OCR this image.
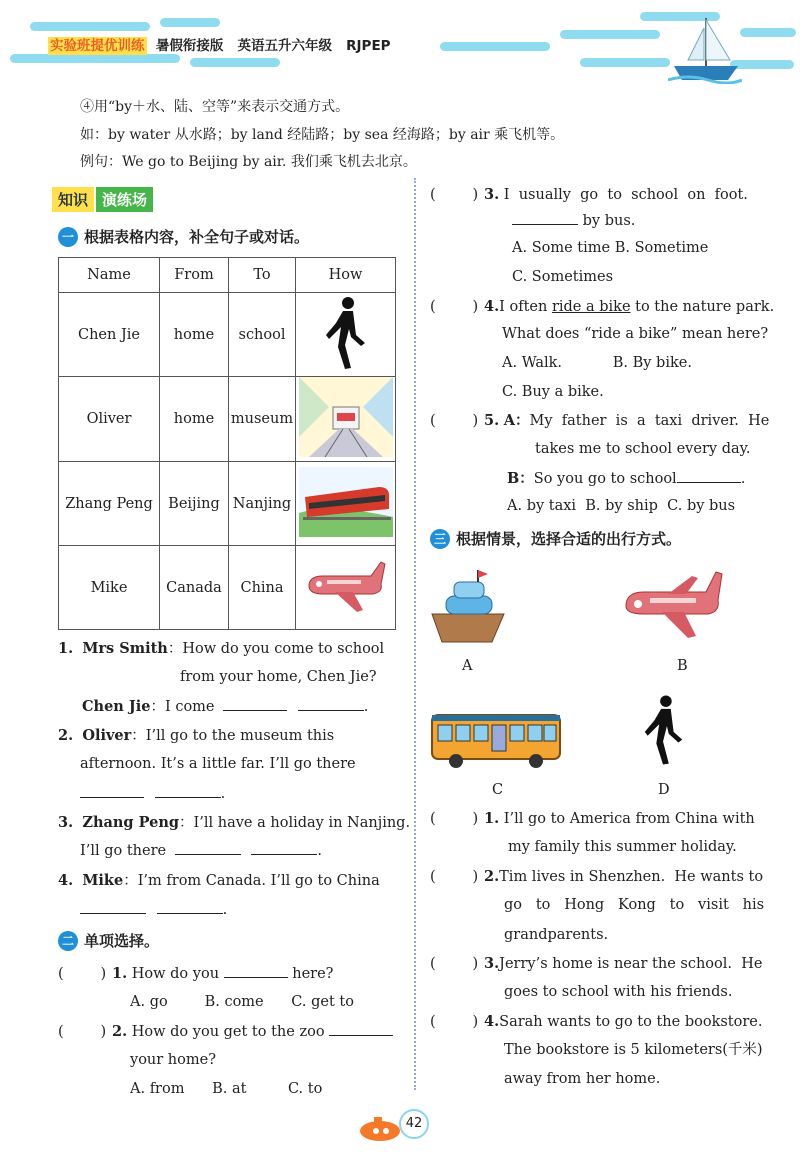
实验班提优训练 暑假衔接版 英语五升六年级 RJPEP
④用“by＋水、陆、空等”来表示交通方式。
如：by water 从水路；by land 经陆路；by sea 经海路；by air 乘飞机等。
例句：We go to Beijing by air. 我们乘飞机去北京。
知识 演练场
一 根据表格内容，补全句子或对话。
Name	From	To	How
Chen Jie	home	school	
Oliver	home	museum	
Zhang Peng	Beijing	Nanjing	
Mike	Canada	China	
1. Mrs Smith：How do you come to school
from your home, Chen Jie?
Chen Jie：I come	.
2. Oliver：I’ll go to the museum this
afternoon. It’s a little far. I’ll go there
.
3. Zhang Peng：I’ll have a holiday in Nanjing.
I’ll go there	.
4. Mike：I’m from Canada. I’ll go to China
.
二 单项选择。
(	) 1. How do you	here?
A. go        B. come      C. get to
(	) 2. How do you get to the zoo
your home?
A. from      B. at         C. to
(	) 3. I  usually  go  to  school  on  foot.
by bus.
A. Some time B. Sometime
C. Sometimes
(	) 4.I often ride a bike to the nature park.
What does “ride a bike” mean here?
A. Walk.           B. By bike.
C. Buy a bike.
(	) 5. A：My  father  is  a  taxi  driver.  He
takes me to school every day.
B：So you go to school	.
A. by taxi  B. by ship  C. by bus
三 根据情景，选择合适的出行方式。
A	B
C	D
(	) 1. I’ll go to America from China with
my family this summer holiday.
(	) 2.Tim lives in Shenzhen.  He wants to
go   to   Hong   Kong   to   visit   his
grandparents.
(	) 3.Jerry’s home is near the school.  He
goes to school with his friends.
(	) 4.Sarah wants to go to the bookstore.
The bookstore is 5 kilometers(千米)
away from her home.
42
